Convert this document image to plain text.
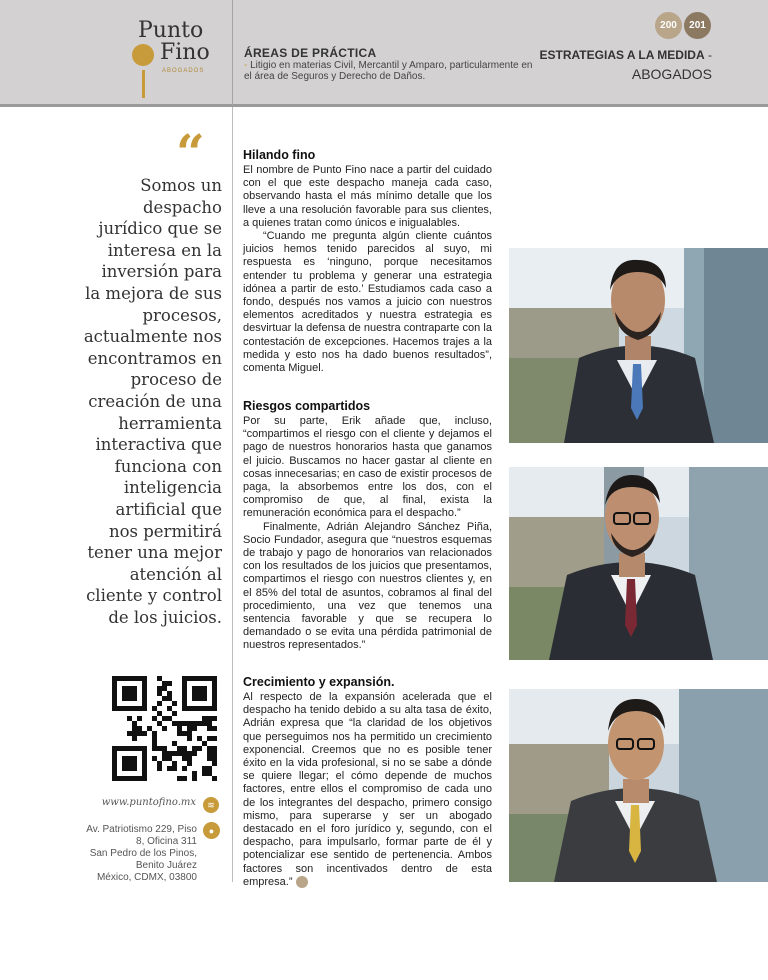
Punto
Fino
ABOGADOS
ÁREAS DE PRÁCTICA
- Litigio en materias Civil, Mercantil y Amparo, particularmente en el área de Seguros y Derecho de Daños.
200	201
ESTRATEGIAS A LA MEDIDA -
ABOGADOS
“
Somos un despacho jurídico que se interesa en la inversión para la mejora de sus procesos, actualmente nos encontramos en proceso de creación de una herramienta interactiva que funciona con inteligencia artificial que nos permitirá tener una mejor atención al cliente y control de los juicios.
www.puntofino.mx	≋
Av. Patriotismo 229, Piso
8, Oficina 311
San Pedro de los Pinos,
Benito Juárez
México, CDMX, 03800
●
Hilando fino

El nombre de Punto Fino nace a partir del cuidado con el que este despacho maneja cada caso, observando hasta el más mínimo detalle que los lleve a una resolución favorable para sus clientes, a quienes tratan como únicos e inigualables.

“Cuando me pregunta algún cliente cuántos juicios hemos tenido parecidos al suyo, mi respuesta es ‘ninguno, porque necesitamos entender tu problema y generar una estrategia idónea a partir de esto.’ Estudiamos cada caso a fondo, después nos vamos a juicio con nuestros elementos acreditados y nuestra estrategia es desvirtuar la defensa de nuestra contraparte con la contestación de excepciones. Hacemos trajes a la medida y esto nos ha dado buenos resultados”, comenta Miguel.

Riesgos compartidos

Por su parte, Erik añade que, incluso, “compartimos el riesgo con el cliente y dejamos el pago de nuestros honorarios hasta que ganamos el juicio. Buscamos no hacer gastar al cliente en cosas innecesarias; en caso de existir procesos de paga, la absorbemos entre los dos, con el compromiso de que, al final, exista la remuneración económica para el despacho.”

Finalmente, Adrián Alejandro Sánchez Piña, Socio Fundador, asegura que “nuestros esquemas de trabajo y pago de honorarios van relacionados con los resultados de los juicios que presentamos, compartimos el riesgo con nuestros clientes y, en el 85% del total de asuntos, cobramos al final del procedimiento, una vez que tenemos una sentencia favorable y que se recupera lo demandado o se evita una pérdida patrimonial de nuestros representados.”

Crecimiento y expansión.

Al respecto de la expansión acelerada que el despacho ha tenido debido a su alta tasa de éxito, Adrián expresa que “la claridad de los objetivos que perseguimos nos ha permitido un crecimiento exponencial. Creemos que no es posible tener éxito en la vida profesional, si no se sabe a dónde se quiere llegar; el cómo depende de muchos factores, entre ellos el compromiso de cada uno de los integrantes del despacho, primero consigo mismo, para superarse y ser un abogado destacado en el foro jurídico y, segundo, con el despacho, para impulsarlo, formar parte de él y potencializar ese sentido de pertenencia. Ambos factores son incentivados dentro de esta empresa.”
